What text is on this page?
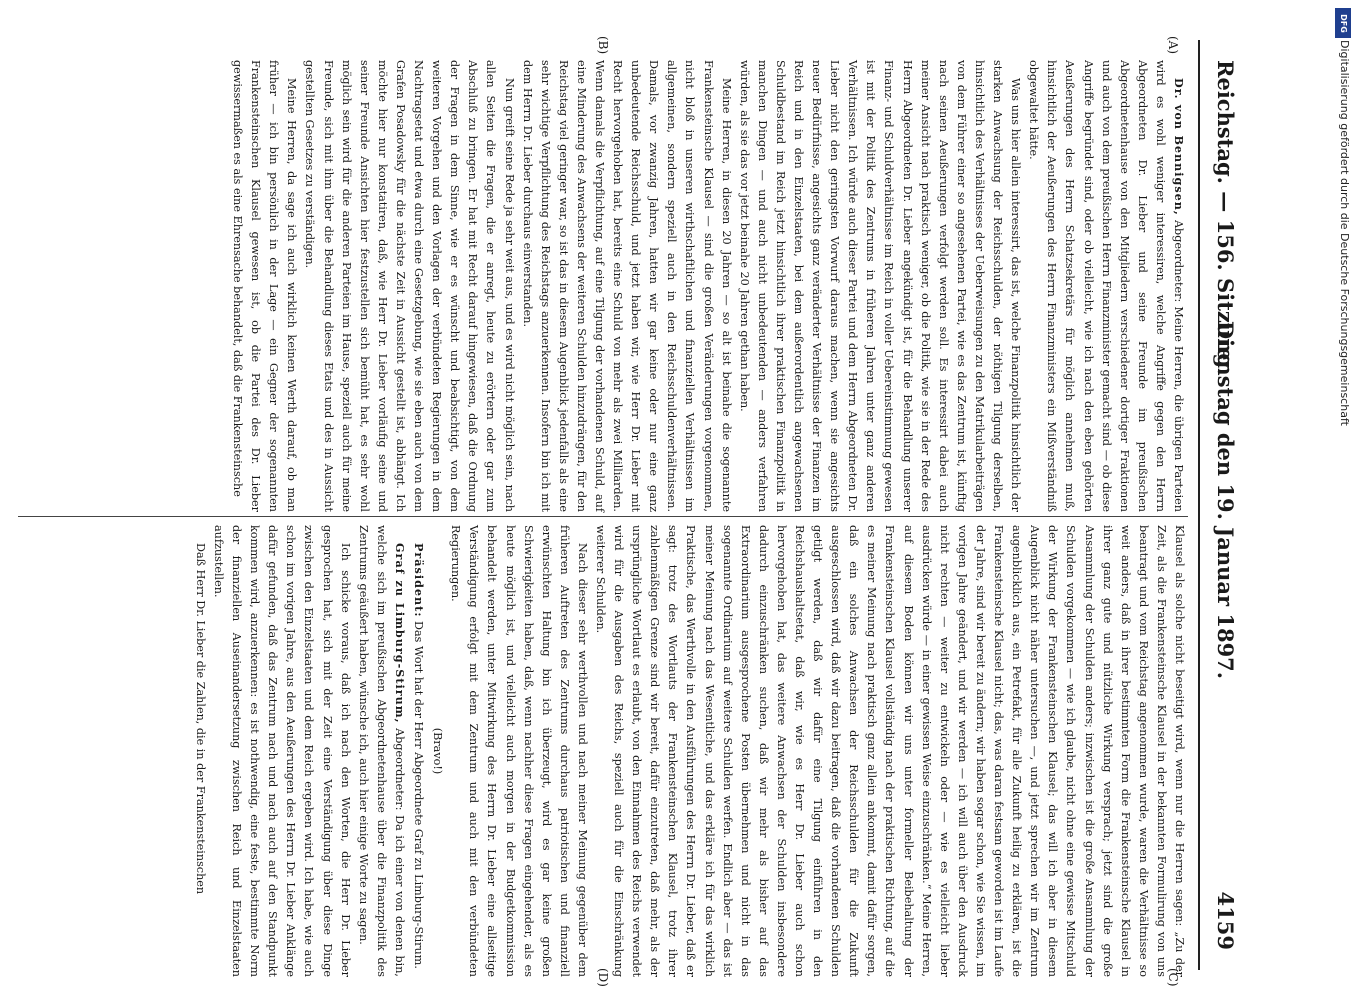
Reichstag. — 156. Sitzung.
Dienstag den 19. Januar 1897.
4159
(A)
(B)
(C)
(D)

Dr. von Bennigsen, Abgeordneter: Meine Herren, die übrigen Parteien wird es wohl weniger interessiren, welche Angriffe gegen den Herrn Abgeordneten Dr. Lieber und seine Freunde im preußischen Abgeordnetenhause von den Mitgliedern verschiedener dortiger Fraktionen und auch von dem preußischen Herrn Finanzminister gemacht sind — ob diese Angriffe begründet sind, oder ob vielleicht, wie ich nach den eben gehörten Aeußerungen des Herrn Schatzsekretärs für möglich annehmen muß, hinsichtlich der Aeußerungen des Herrn Finanzministers ein Mißverständniß obgewaltet hätte.

Was uns hier allein interessirt, das ist, welche Finanzpolitik hinsichtlich der starken Anwachsung der Reichsschulden, der nöthigen Tilgung derselben, hinsichtlich des Verhältnisses der Ueberweisungen zu den Matrikularbeiträgen von dem Führer einer so angesehenen Partei, wie es das Zentrum ist, künftig nach seinen Aeußerungen verfolgt werden soll. Es interessirt dabei auch meiner Ansicht nach praktisch weniger, ob die Politik, wie sie in der Rede des Herrn Abgeordneten Dr. Lieber angekündigt ist, für die Behandlung unserer Finanz- und Schuldverhältnisse im Reich in voller Uebereinstimmung gewesen ist mit der Politik des Zentrums in früheren Jahren unter ganz anderen Verhältnissen. Ich würde auch dieser Partei und dem Herrn Abgeordneten Dr. Lieber nicht den geringsten Vorwurf daraus machen, wenn sie angesichts neuer Bedürfnisse, angesichts ganz veränderter Verhältnisse der Finanzen im Reich und in den Einzelstaaten, bei dem außerordentlich angewachsenen Schuldbestand im Reich jetzt hinsichtlich ihrer praktischen Finanzpolitik in manchen Dingen — und auch nicht unbedeutenden — anders verfahren würden, als sie das vor jetzt beinahe 20 Jahren gethan haben.

Meine Herren, in diesen 20 Jahren — so alt ist beinahe die sogenannte Frankensteinsche Klausel — sind die großen Veränderungen vorgenommen, nicht bloß in unseren wirthschaftlichen und finanziellen Verhältnissen im allgemeinen, sondern speziell auch in den Reichsschuldenverhältnissen. Damals, vor zwanzig Jahren, hatten wir gar keine oder nur eine ganz unbedeutende Reichsschuld, und jetzt haben wir, wie Herr Dr. Lieber mit Recht hervorgehoben hat, bereits eine Schuld von mehr als zwei Milliarden. Wenn damals die Verpflichtung, auf eine Tilgung der vorhandenen Schuld, auf eine Minderung des Anwachsens der weiteren Schulden hinzudrängen, für den Reichstag viel geringer war, so ist das in diesem Augenblick jedenfalls als eine sehr wichtige Verpflichtung des Reichstags anzuerkennen. Insofern bin ich mit dem Herrn Dr. Lieber durchaus einverstanden.

Nun greift seine Rede ja sehr weit aus, und es wird nicht möglich sein, nach allen Seiten die Fragen, die er anregt, heute zu erörtern oder gar zum Abschluß zu bringen. Er hat mit Recht darauf hingewiesen, daß die Ordnung der Fragen in dem Sinne, wie er es wünscht und beabsichtigt, von dem weiteren Vorgehen und den Vorlagen der verbündeten Regierungen in dem Nachtragsetat und etwa durch eine Gesetzgebung, wie sie eben auch von dem Grafen Posadowsky für die nächste Zeit in Aussicht gestellt ist, abhängt. Ich möchte hier nur konstatiren, daß, wie Herr Dr. Lieber vorläufig seine und seiner Freunde Ansichten hier festzustellen sich bemüht hat, es sehr wohl möglich sein wird für die anderen Parteien im Hause, speziell auch für meine Freunde, sich mit ihm über die Behandlung dieses Etats und des in Aussicht gestellten Gesetzes zu verständigen.

Meine Herren, da sage ich auch wirklich keinen Werth darauf, ob man früher — ich bin persönlich in der Lage — ein Gegner der sogenannten Frankensteinschen Klausel gewesen ist, ob die Partei des Dr. Lieber gewissermaßen es als eine Ehrensache behandelt, daß die Frankensteinsche

Klausel als solche nicht beseitigt wird, wenn nur die Herren sagen: „Zu der Zeit, als die Frankensteinsche Klausel in der bekannten Formulirung von uns beantragt und vom Reichstag angenommen wurde, waren die Verhältnisse so weit anders, daß in ihrer bestimmten Form die Frankensteinsche Klausel in ihrer ganz gute und nützliche Wirkung versprach; jetzt sind die große Ansammlung der Schulden anders; inzwischen ist die große Ansammlung der Schulden vorgekommen — wie ich glaube, nicht ohne eine gewisse Mitschuld der Wirkung der Frankensteinschen Klausel; das will ich aber in diesem Augenblick nicht näher untersuchen —, und jetzt sprechen wir im Zentrum augenblicklich aus, ein Petrefakt, für alle Zukunft heilig zu erklären, ist die Frankensteinsche Klausel nicht; das, was daran festsam geworden ist im Laufe der Jahre, sind wir bereit zu ändern; wir haben sogar schon, wie Sie wissen, im vorigen Jahre geändert, und wir werden — ich will auch über den Ausdruck nicht rechten — weiter zu entwickeln oder — wie es vielleicht lieber ausdrücken würde — in einer gewissen Weise einzuschränken.“ Meine Herren, auf diesem Boden können wir uns unter formeller Beibehaltung der Frankensteinschen Klausel vollständig nach der praktischen Richtung, auf die es meiner Meinung nach praktisch ganz allein ankommt, damit dafür sorgen, daß ein solches Anwachsen der Reichsschulden für die Zukunft ausgeschlossen wird, daß wir dazu beitragen, daß die vorhandenen Schulden getilgt werden, daß wir dafür eine Tilgung einführen in den Reichshaushaltsetat, daß wir, wie es Herr Dr. Lieber auch schon hervorgehoben hat, das weitere Anwachsen der Schulden insbesondere dadurch einzuschränken suchen, daß wir mehr als bisher auf das Extraordinarium ausgesprochene Posten übernehmen und nicht in das sogenannte Ordinarium auf weitere Schulden werfen. Endlich aber — das ist meiner Meinung nach das Wesentliche, und das erkläre ich für das wirklich Praktische, das Werthvolle in den Ausführungen des Herrn Dr. Lieber, daß er sagt: trotz des Wortlauts der Frankensteinschen Klausel, trotz ihrer zahlenmäßigen Grenze sind wir bereit, dafür einzutreten, daß mehr, als der ursprüngliche Wortlaut es erlaubt, von den Einnahmen des Reichs verwendet wird für die Ausgaben des Reichs, speziell auch für die Einschränkung weiterer Schulden.

Nach dieser sehr werthvollen und nach meiner Meinung gegenüber dem früheren Auftreten des Zentrums durchaus patriotischen und finanziell erwünschten Haltung bin ich überzeugt, wird es gar keine großen Schwierigkeiten haben, daß, wenn nachher diese Fragen eingehender, als es heute möglich ist, und vielleicht auch morgen in der Budgetkommission behandelt werden, unter Mitwirkung des Herrn Dr. Lieber eine allseitige Verständigung erfolgt mit dem Zentrum und auch mit den verbündeten Regierungen.

(Bravo!)

Präsident: Das Wort hat der Herr Abgeordnete Graf zu Limburg-Stirum.

Graf zu Limburg-Stirum, Abgeordneter: Da ich einer von denen bin, welche sich im preußischen Abgeordnetenhause über die Finanzpolitik des Zentrums geäußert haben, wünsche ich, auch hier einige Worte zu sagen.

Ich schicke voraus, daß ich nach den Worten, die Herr Dr. Lieber gesprochen hat, sich mit der Zeit eine Verständigung über diese Dinge zwischen den Einzelstaaten und dem Reich ergeben wird. Ich habe, wie auch schon im vorigen Jahre, aus den Aeußerungen des Herrn Dr. Lieber Anklänge dafür gefunden, daß das Zentrum nach und nach auch auf den Standpunkt kommen wird, anzuerkennen: es ist nothwendig, eine feste, bestimmte Norm der finanziellen Auseinandersetzung zwischen Reich und Einzelstaaten aufzustellen.

Daß Herr Dr. Lieber die Zahlen, die in der Frankensteinschen

DFG
Digitalisierung gefördert durch die Deutsche Forschungsgemeinschaft
